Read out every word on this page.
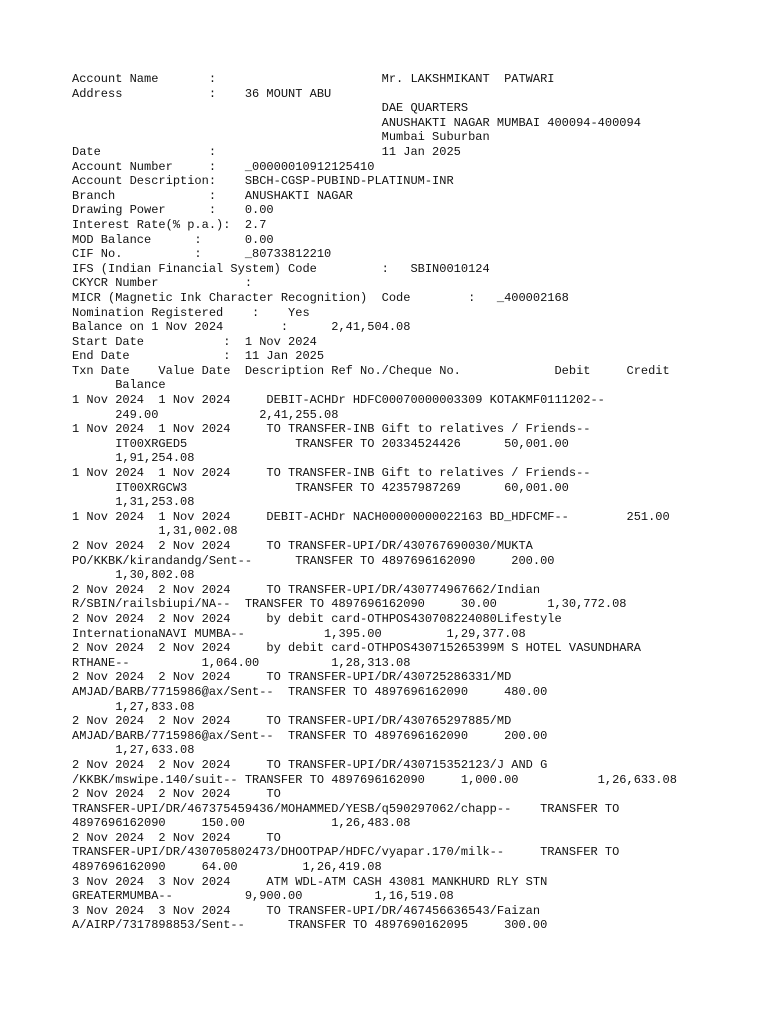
Account Name       :                       Mr. LAKSHMIKANT  PATWARI
Address            :    36 MOUNT ABU
DAE QUARTERS
ANUSHAKTI NAGAR MUMBAI 400094-400094
Mumbai Suburban
Date               :                       11 Jan 2025
Account Number     :    _00000010912125410
Account Description:    SBCH-CGSP-PUBIND-PLATINUM-INR
Branch             :    ANUSHAKTI NAGAR
Drawing Power      :    0.00
Interest Rate(% p.a.):  2.7
MOD Balance      :      0.00
CIF No.          :      _80733812210
IFS (Indian Financial System) Code         :   SBIN0010124
CKYCR Number            :
MICR (Magnetic Ink Character Recognition)  Code        :   _400002168
Nomination Registered    :    Yes
Balance on 1 Nov 2024        :      2,41,504.08
Start Date           :  1 Nov 2024
End Date             :  11 Jan 2025
Txn Date    Value Date  Description Ref No./Cheque No.             Debit     Credit
Balance
1 Nov 2024  1 Nov 2024     DEBIT-ACHDr HDFC00070000003309 KOTAKMF0111202--
249.00              2,41,255.08
1 Nov 2024  1 Nov 2024     TO TRANSFER-INB Gift to relatives / Friends--
IT00XRGED5               TRANSFER TO 20334524426      50,001.00
1,91,254.08
1 Nov 2024  1 Nov 2024     TO TRANSFER-INB Gift to relatives / Friends--
IT00XRGCW3               TRANSFER TO 42357987269      60,001.00
1,31,253.08
1 Nov 2024  1 Nov 2024     DEBIT-ACHDr NACH00000000022163 BD_HDFCMF--        251.00
1,31,002.08
2 Nov 2024  2 Nov 2024     TO TRANSFER-UPI/DR/430767690030/MUKTA
PO/KKBK/kirandandg/Sent--      TRANSFER TO 4897696162090     200.00
1,30,802.08
2 Nov 2024  2 Nov 2024     TO TRANSFER-UPI/DR/430774967662/Indian
R/SBIN/railsbiupi/NA--  TRANSFER TO 4897696162090     30.00       1,30,772.08
2 Nov 2024  2 Nov 2024     by debit card-OTHPOS430708224080Lifestyle
InternationaNAVI MUMBA--           1,395.00         1,29,377.08
2 Nov 2024  2 Nov 2024     by debit card-OTHPOS430715265399M S HOTEL VASUNDHARA
RTHANE--          1,064.00          1,28,313.08
2 Nov 2024  2 Nov 2024     TO TRANSFER-UPI/DR/430725286331/MD
AMJAD/BARB/7715986@ax/Sent--  TRANSFER TO 4897696162090     480.00
1,27,833.08
2 Nov 2024  2 Nov 2024     TO TRANSFER-UPI/DR/430765297885/MD
AMJAD/BARB/7715986@ax/Sent--  TRANSFER TO 4897696162090     200.00
1,27,633.08
2 Nov 2024  2 Nov 2024     TO TRANSFER-UPI/DR/430715352123/J AND G
/KKBK/mswipe.140/suit-- TRANSFER TO 4897696162090     1,000.00           1,26,633.08
2 Nov 2024  2 Nov 2024     TO
TRANSFER-UPI/DR/467375459436/MOHAMMED/YESB/q590297062/chapp--    TRANSFER TO
4897696162090     150.00            1,26,483.08
2 Nov 2024  2 Nov 2024     TO
TRANSFER-UPI/DR/430705802473/DHOOTPAP/HDFC/vyapar.170/milk--     TRANSFER TO
4897696162090     64.00         1,26,419.08
3 Nov 2024  3 Nov 2024     ATM WDL-ATM CASH 43081 MANKHURD RLY STN
GREATERMUMBA--          9,900.00          1,16,519.08
3 Nov 2024  3 Nov 2024     TO TRANSFER-UPI/DR/467456636543/Faizan
A/AIRP/7317898853/Sent--      TRANSFER TO 4897690162095     300.00
